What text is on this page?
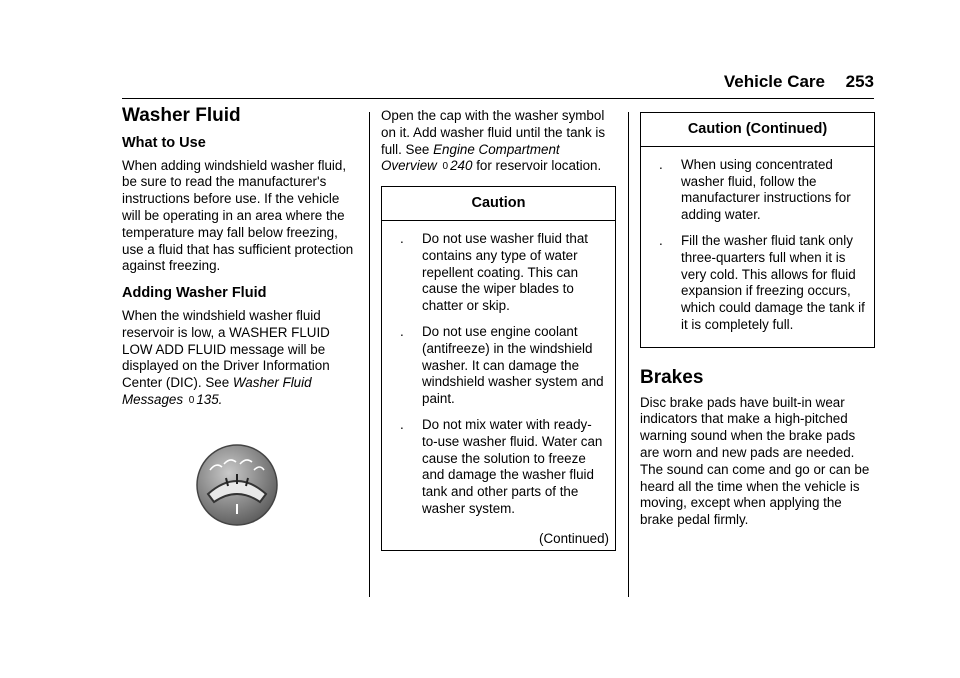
Vehicle Care 253
Washer Fluid
What to Use

When adding windshield washer fluid, be sure to read the manufacturer's instructions before use. If the vehicle will be operating in an area where the temperature may fall below freezing, use a fluid that has sufficient protection against freezing.

Adding Washer Fluid

When the windshield washer fluid reservoir is low, a WASHER FLUID LOW ADD FLUID message will be displayed on the Driver Information Center (DIC). See Washer Fluid Messages 0 135.

Open the cap with the washer symbol on it. Add washer fluid until the tank is full. See Engine Compartment Overview 0 240 for reservoir location.

Caution
. Do not use washer fluid that contains any type of water repellent coating. This can cause the wiper blades to chatter or skip.
. Do not use engine coolant (antifreeze) in the windshield washer. It can damage the windshield washer system and paint.
. Do not mix water with ready-to-use washer fluid. Water can cause the solution to freeze and damage the washer fluid tank and other parts of the washer system.
(Continued)
Caution (Continued)
. When using concentrated washer fluid, follow the manufacturer instructions for adding water.
. Fill the washer fluid tank only three-quarters full when it is very cold. This allows for fluid expansion if freezing occurs, which could damage the tank if it is completely full.
Brakes

Disc brake pads have built-in wear indicators that make a high-pitched warning sound when the brake pads are worn and new pads are needed. The sound can come and go or can be heard all the time when the vehicle is moving, except when applying the brake pedal firmly.
